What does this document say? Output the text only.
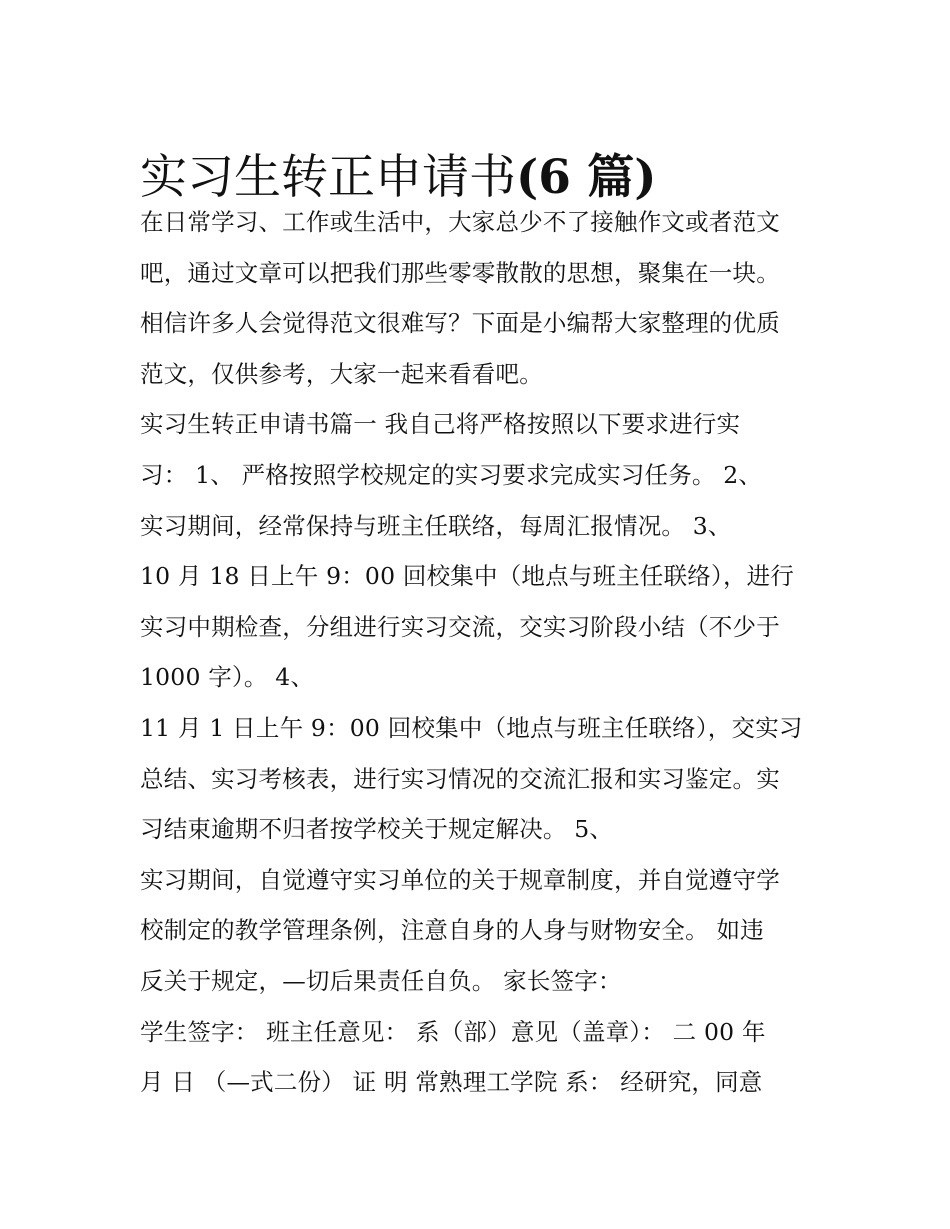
实习生转正申请书(6 篇)
在日常学习、工作或生活中，大家总少不了接触作文或者范文
吧，通过文章可以把我们那些零零散散的思想，聚集在一块。
相信许多人会觉得范文很难写？下面是小编帮大家整理的优质
范文，仅供参考，大家一起来看看吧。
实习生转正申请书篇一 我自己将严格按照以下要求进行实
习： 1、 严格按照学校规定的实习要求完成实习任务。 2、
实习期间，经常保持与班主任联络，每周汇报情况。 3、
10 月 18 日上午 9：00 回校集中（地点与班主任联络），进行
实习中期检查，分组进行实习交流，交实习阶段小结（不少于
1000 字）。 4、
11 月 1 日上午 9：00 回校集中（地点与班主任联络），交实习
总结、实习考核表，进行实习情况的交流汇报和实习鉴定。实
习结束逾期不归者按学校关于规定解决。 5、
实习期间，自觉遵守实习单位的关于规章制度，并自觉遵守学
校制定的教学管理条例，注意自身的人身与财物安全。 如违
反关于规定，—切后果责任自负。 家长签字：
学生签字： 班主任意见： 系（部）意见（盖章）： 二 00 年
月 日 （—式二份） 证 明 常熟理工学院 系： 经研究，同意
